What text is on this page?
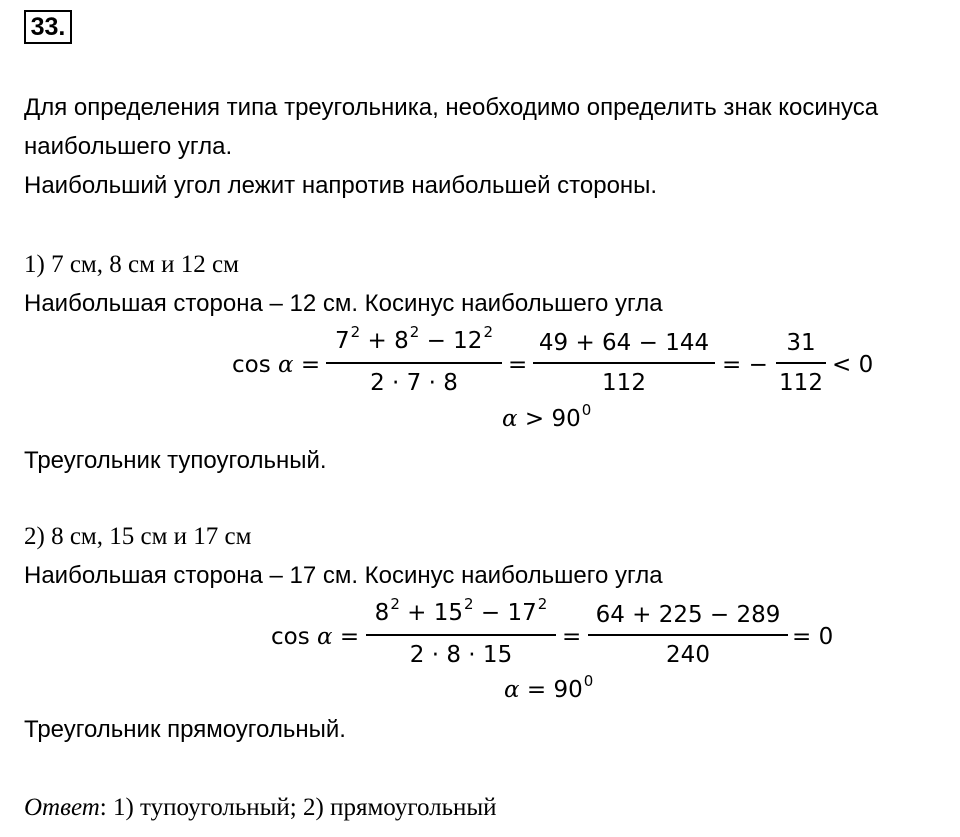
33.
Для определения типа треугольника, необходимо определить знак косинуса
наибольшего угла.
Наибольший угол лежит напротив наибольшей стороны.
1) 7 см, 8 см и 12 см
Наибольшая сторона – 12 см. Косинус наибольшего угла
cos α =
$7^2 + 8^2 - 12^2$
2 · 7 · 8
=
49 + 64 − 144
112
= −
31
112
< 0
$\alpha > 90^0$
Треугольник тупоугольный.
2) 8 см, 15 см и 17 см
Наибольшая сторона – 17 см. Косинус наибольшего угла
cos α =
$8^2 + 15^2 - 17^2$
2 · 8 · 15
=
64 + 225 − 289
240
= 0
$\alpha = 90^0$
Треугольник прямоугольный.
Ответ: 1) тупоугольный; 2) прямоугольный
